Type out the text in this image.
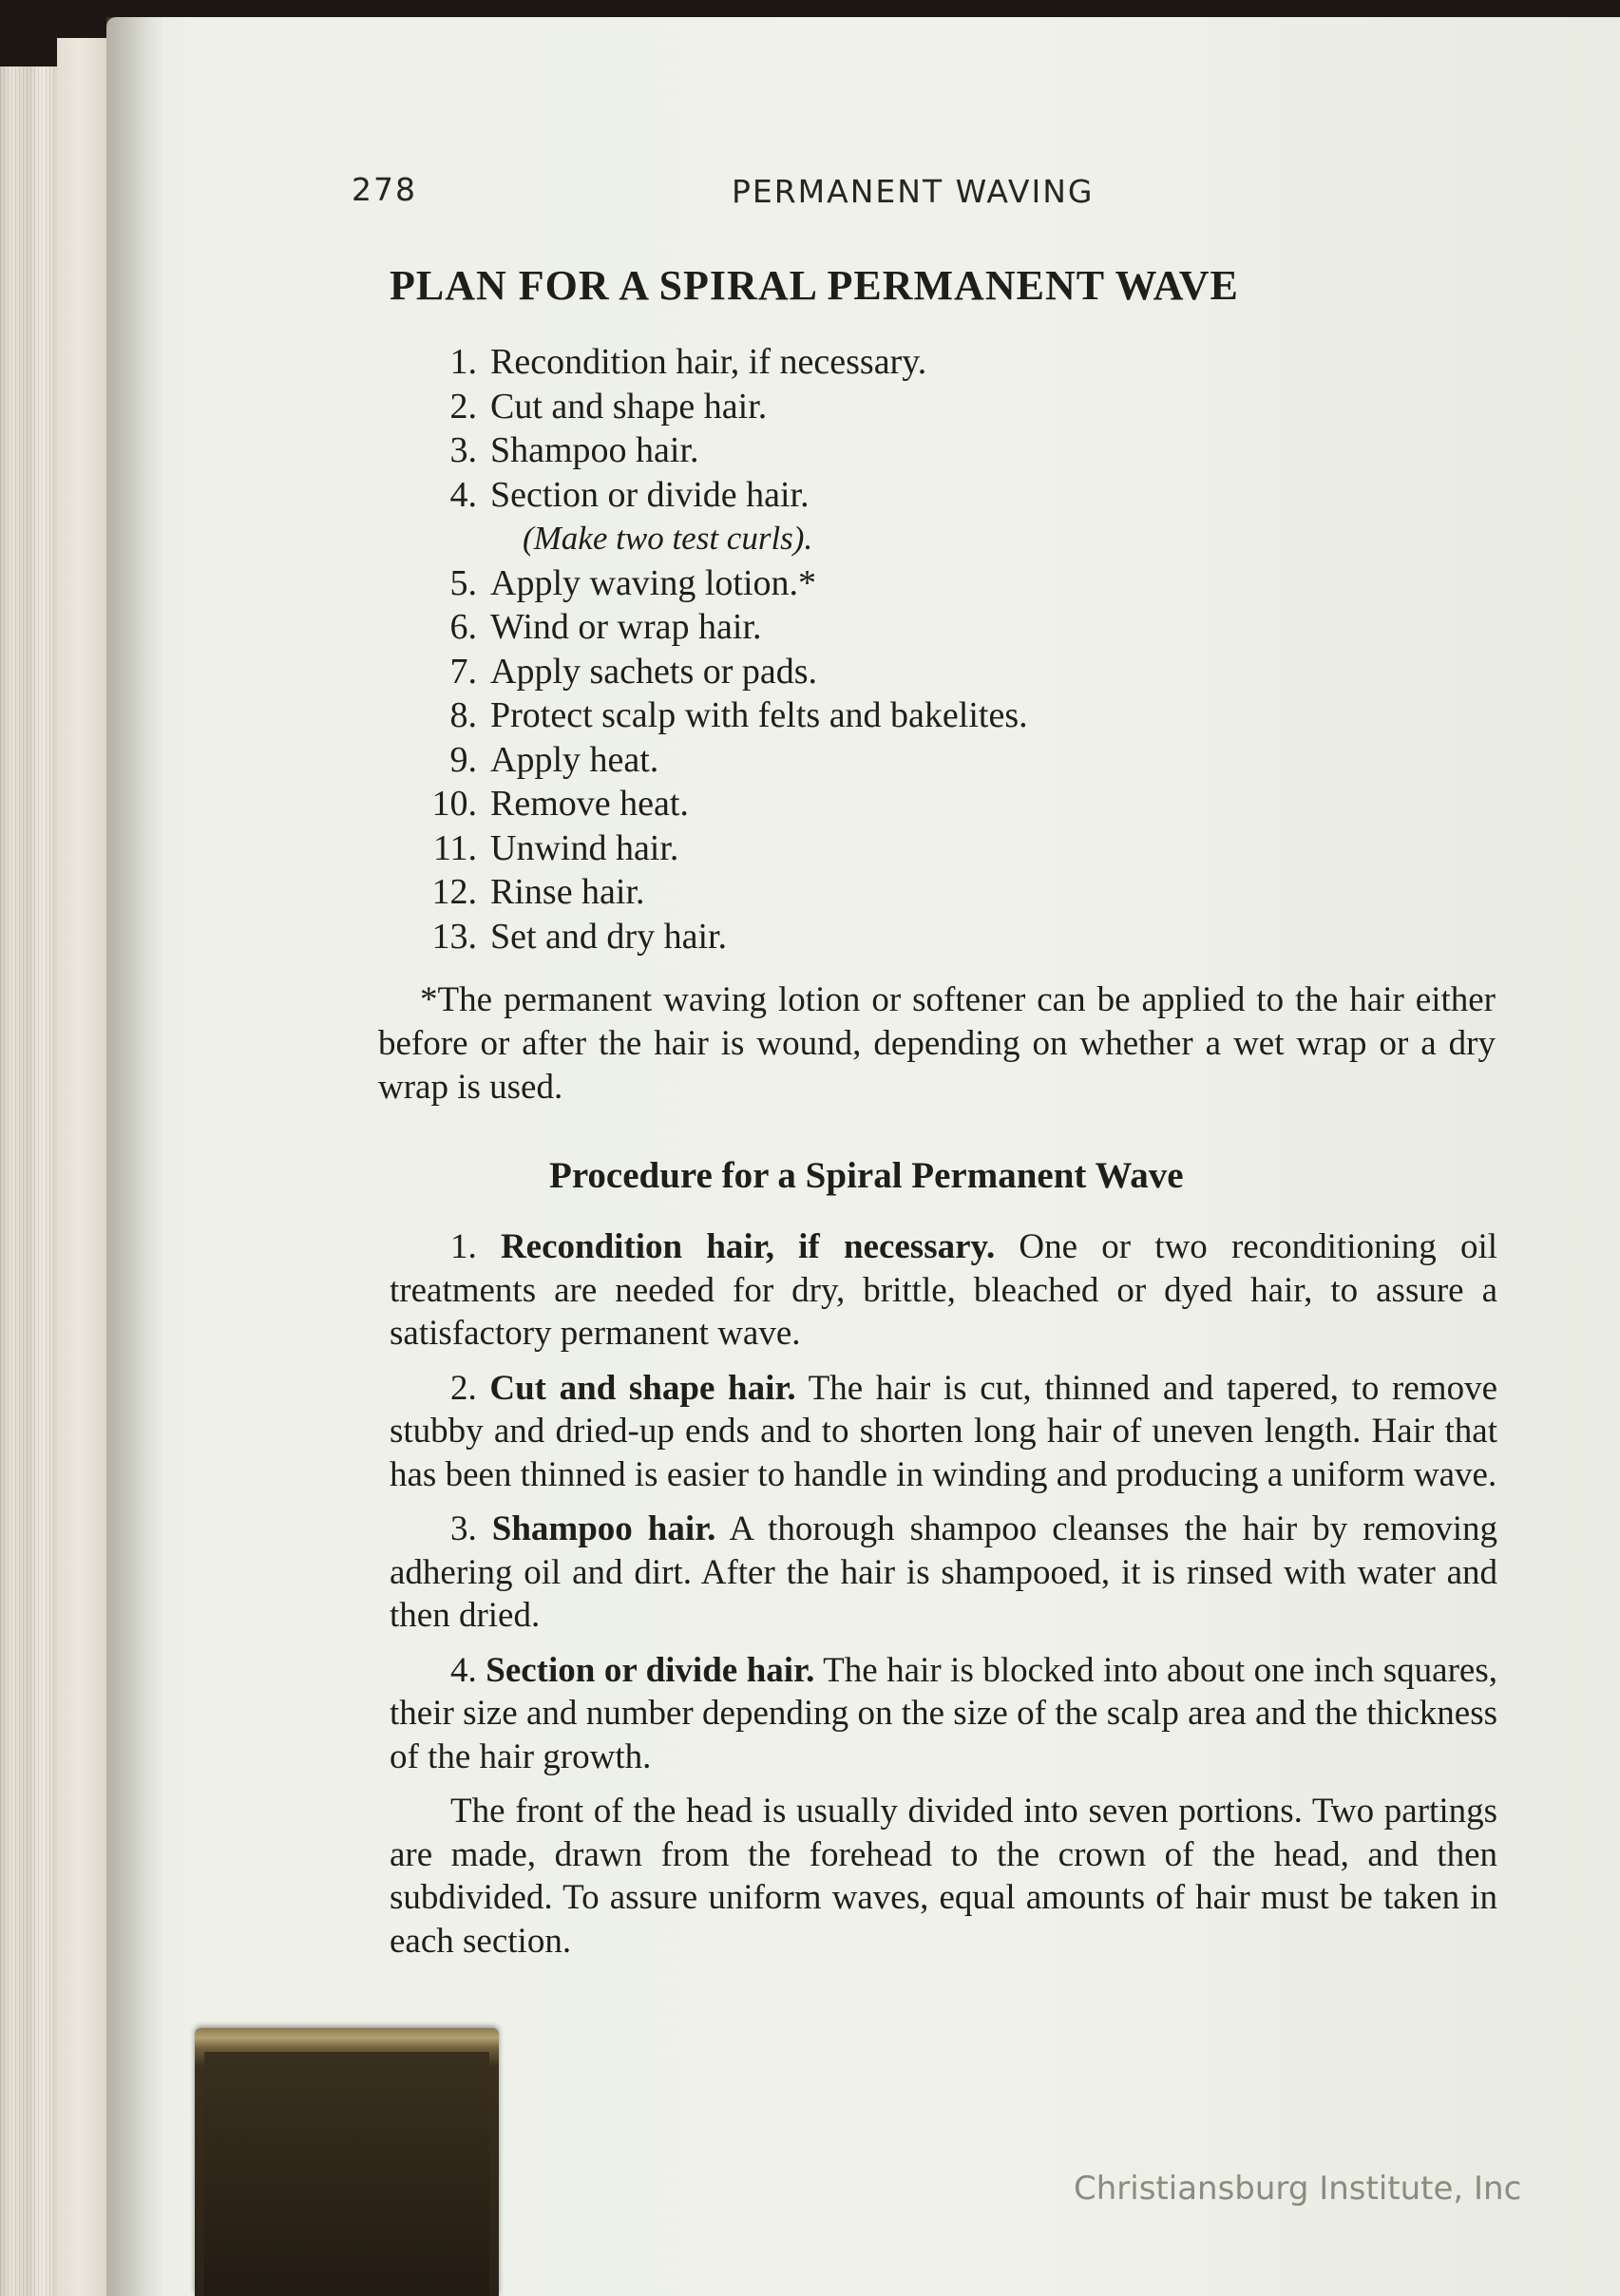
278	PERMANENT WAVING
PLAN FOR A SPIRAL PERMANENT WAVE
1. Recondition hair, if necessary.
2. Cut and shape hair.
3. Shampoo hair.
4. Section or divide hair.
(Make two test curls).
5. Apply waving lotion.*
6. Wind or wrap hair.
7. Apply sachets or pads.
8. Protect scalp with felts and bakelites.
9. Apply heat.
10. Remove heat.
11. Unwind hair.
12. Rinse hair.
13. Set and dry hair.

*The permanent waving lotion or softener can be applied to the hair either before or after the hair is wound, depending on whether a wet wrap or a dry wrap is used.

Procedure for a Spiral Permanent Wave

1. Recondition hair, if necessary. One or two reconditioning oil treatments are needed for dry, brittle, bleached or dyed hair, to assure a satisfactory permanent wave.

2. Cut and shape hair. The hair is cut, thinned and tapered, to remove stubby and dried-up ends and to shorten long hair of uneven length. Hair that has been thinned is easier to handle in winding and producing a uniform wave.

3. Shampoo hair. A thorough shampoo cleanses the hair by removing adhering oil and dirt. After the hair is shampooed, it is rinsed with water and then dried.

4. Section or divide hair. The hair is blocked into about one inch squares, their size and number depending on the size of the scalp area and the thickness of the hair growth.

The front of the head is usually divided into seven portions. Two partings are made, drawn from the forehead to the crown of the head, and then subdivided. To assure uniform waves, equal amounts of hair must be taken in each section.

Christiansburg Institute, Inc
